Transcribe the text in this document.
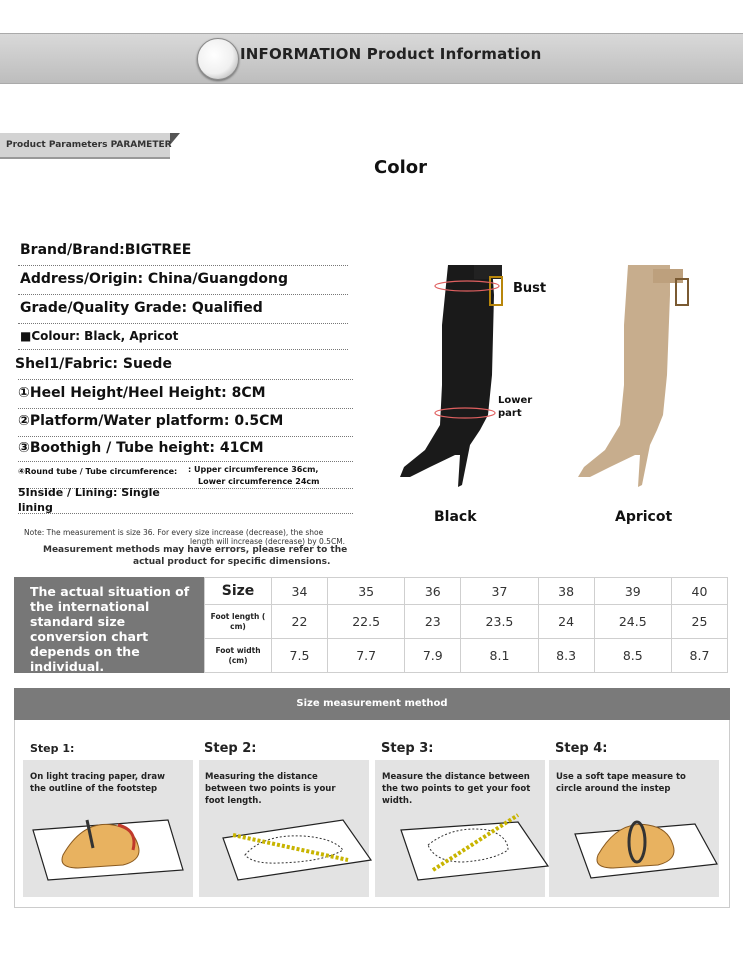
INFORMATION Product Information
Product Parameters PARAMETER
Color
Brand/Brand:BIGTREE
Address/Origin: China/Guangdong
Grade/Quality Grade: Qualified
■Colour: Black, Apricot
Shel1/Fabric: Suede
①Heel Height/Heel Height: 8CM
②Platform/Water platform: 0.5CM
③Boothigh / Tube height: 41CM
④Round tube / Tube circumference: : Upper circumference 36cm,
Lower circumference 24cm
5Inside / Lining: Single
lining
Note: The measurement is size 36. For every size increase (decrease), the shoe
length will increase (decrease) by 0.5CM.
Measurement methods may have errors, please refer to the
actual product for specific dimensions.
Bust
Lower
part
Black	Apricot
The actual situation of the international standard size conversion chart depends on the individual.
Size	34	35	36	37	38	39	40
Foot length ( cm)	22	22.5	23	23.5	24	24.5	25
Foot width (cm)	7.5	7.7	7.9	8.1	8.3	8.5	8.7
Size measurement method
Step 1:	Step 2:	Step 3:	Step 4:
On light tracing paper, draw the outline of the footstep
Measuring the distance between two points is your foot length.
Measure the distance between the two points to get your foot width.
Use a soft tape measure to circle around the instep
